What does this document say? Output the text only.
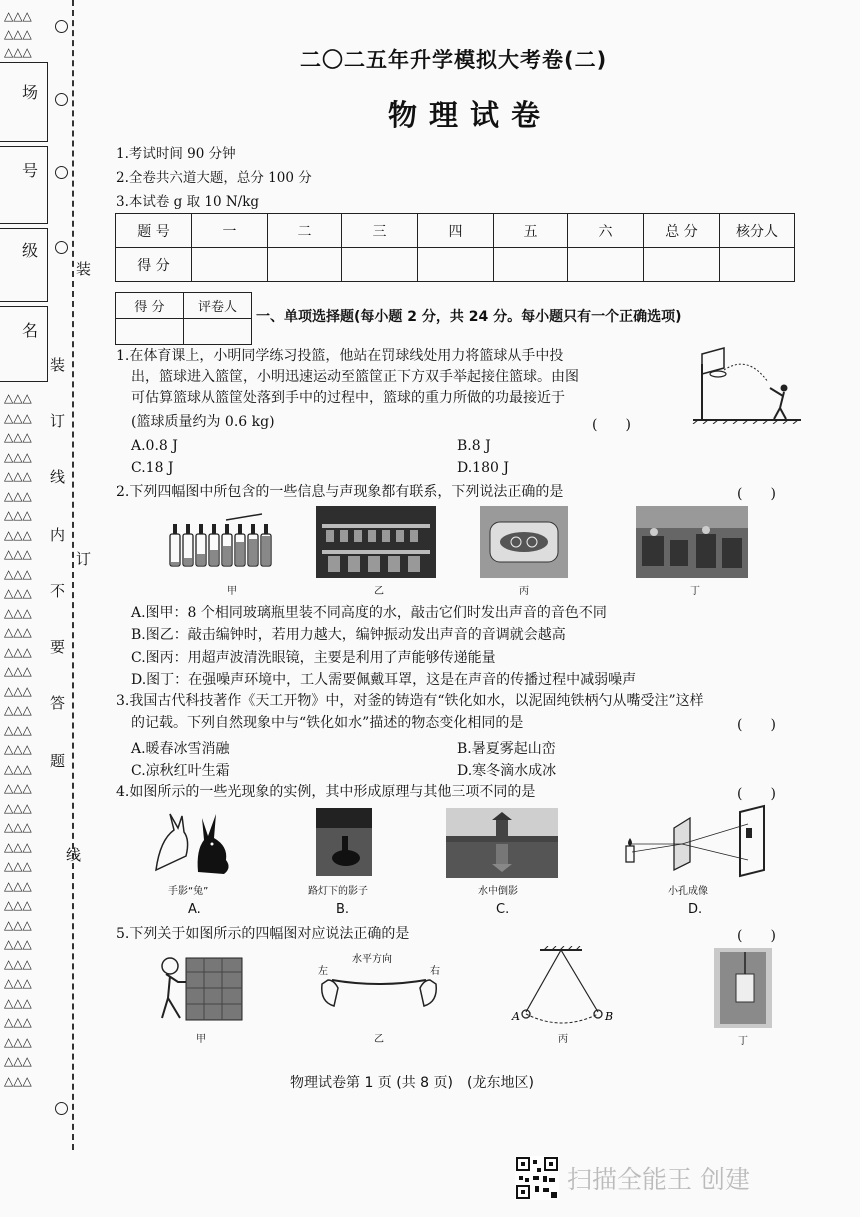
△△△
△△△
△△△
场
号
级
名
△△△
△△△
△△△
△△△
△△△
△△△
△△△
△△△
△△△
△△△
△△△
△△△
△△△
△△△
△△△
△△△
△△△
△△△
△△△
△△△
△△△
△△△
△△△
△△△
△△△
△△△
△△△
△△△
△△△
△△△
△△△
△△△
△△△
△△△
△△△
△△△
装
订
线
内
不
要
答
题
装
订
线
二〇二五年升学模拟大考卷(二)
物理试卷
1.考试时间 90 分钟
2.全卷共六道大题，总分 100 分
3.本试卷 g 取 10 N/kg
题 号	一	二	三	四	五	六	总 分	核分人
得 分								
得 分	评卷人

一、单项选择题(每小题 2 分，共 24 分。每小题只有一个正确选项)
1.在体育课上，小明同学练习投篮，他站在罚球线处用力将篮球从手中投
出，篮球进入篮筐，小明迅速运动至篮筐正下方双手举起接住篮球。由图
可估算篮球从篮筐处落到手中的过程中，篮球的重力所做的功最接近于
(篮球质量约为 0.6 kg)	(　　)
A.0.8 J	B.8 J
C.18 J	D.180 J
2.下列四幅图中所包含的一些信息与声现象都有联系，下列说法正确的是	(　　)
甲	乙	丙	丁
A.图甲：8 个相同玻璃瓶里装不同高度的水，敲击它们时发出声音的音色不同
B.图乙：敲击编钟时，若用力越大，编钟振动发出声音的音调就会越高
C.图丙：用超声波清洗眼镜，主要是利用了声能够传递能量
D.图丁：在强噪声环境中，工人需要佩戴耳罩，这是在声音的传播过程中减弱噪声
3.我国古代科技著作《天工开物》中，对釜的铸造有“铁化如水，以泥固纯铁柄勺从嘴受注”这样
的记载。下列自然现象中与“铁化如水”描述的物态变化相同的是	(　　)
A.暖春冰雪消融	B.暑夏雾起山峦
C.凉秋红叶生霜	D.寒冬滴水成冰
4.如图所示的一些光现象的实例，其中形成原理与其他三项不同的是	(　　)
手影“兔”	路灯下的影子	水中倒影	小孔成像
A.	B.	C.	D.
5.下列关于如图所示的四幅图对应说法正确的是	(　　)
左
水平方向
右
A	B
甲	乙	丙	丁
物理试卷第 1 页 (共 8 页)　(龙东地区)
扫描全能王 创建
